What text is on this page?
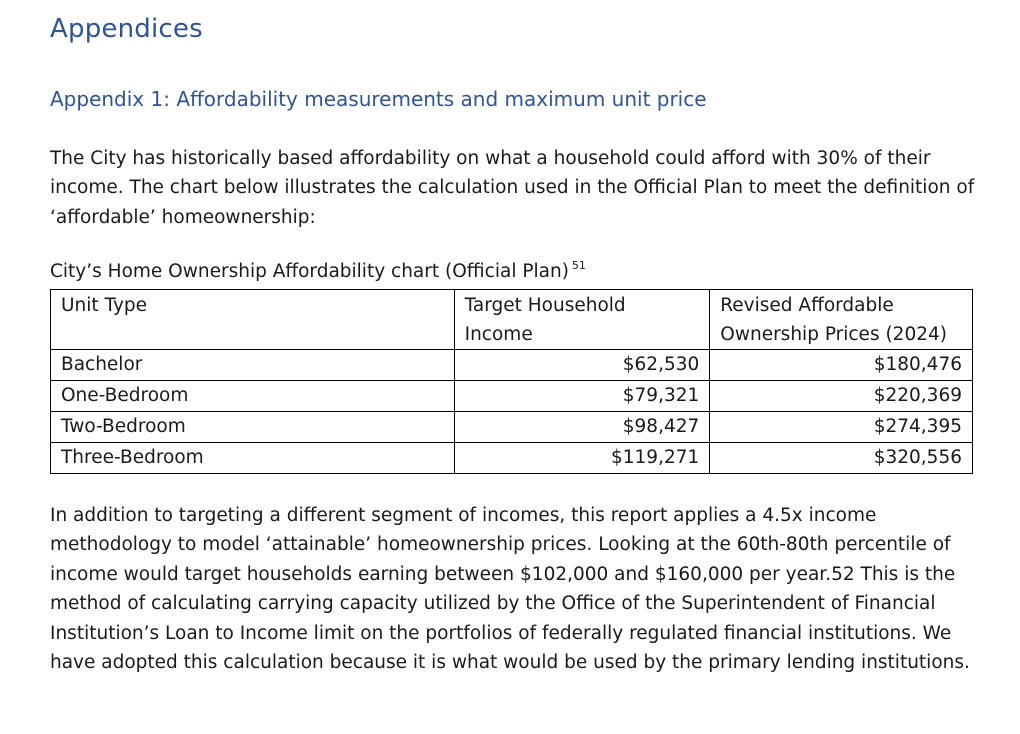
Appendices
Appendix 1: Affordability measurements and maximum unit price

The City has historically based affordability on what a household could afford with 30% of their income. The chart below illustrates the calculation used in the Official Plan to meet the definition of ‘affordable’ homeownership:

City’s Home Ownership Affordability chart (Official Plan) $^{51}$
Unit Type	Target Household Income	Revised Affordable Ownership Prices (2024)
Bachelor	$62,530	$180,476
One-Bedroom	$79,321	$220,369
Two-Bedroom	$98,427	$274,395
Three-Bedroom	$119,271	$320,556

In addition to targeting a different segment of incomes, this report applies a 4.5x income methodology to model ‘attainable’ homeownership prices. Looking at the 60th-80th percentile of income would target households earning between $102,000 and $160,000 per year.52 This is the method of calculating carrying capacity utilized by the Office of the Superintendent of Financial Institution’s Loan to Income limit on the portfolios of federally regulated financial institutions. We have adopted this calculation because it is what would be used by the primary lending institutions.
